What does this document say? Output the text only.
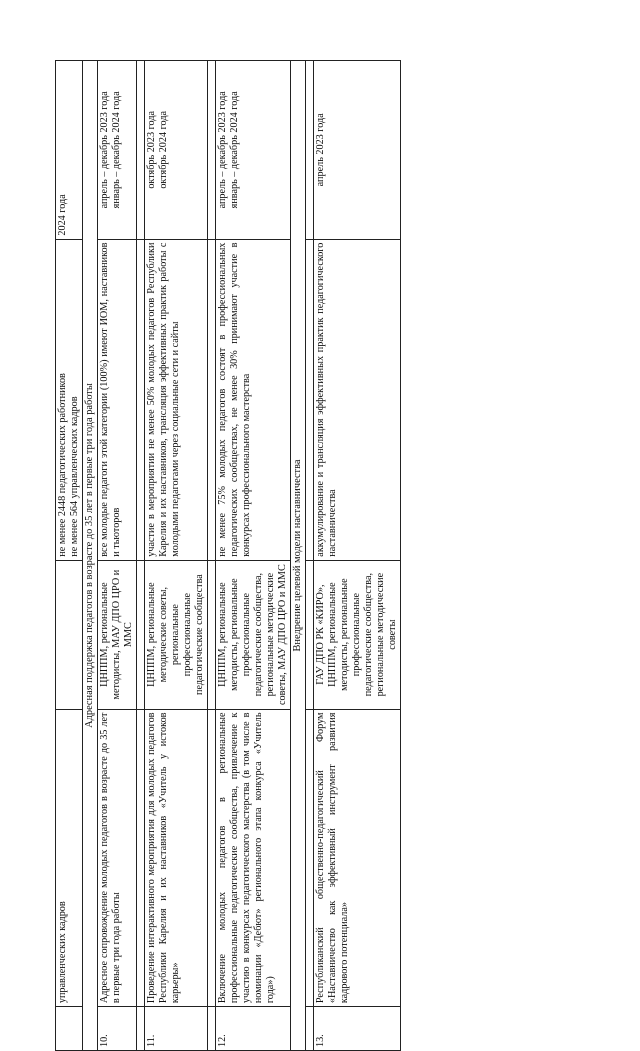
	управленческих кадров		не менее 2448 педагогических работников не менее 564 управленческих кадров	2024 года
Адресная поддержка педагогов в возрасте до 35 лет в первые три года работы				
10.	Адресное сопровождение молодых педагогов в возрасте до 35 лет в первые три года работы	ЦНППМ, региональные методисты, МАУ ДПО ЦРО и ММС	все молодые педагоги этой категории (100%) имеют ИОМ, наставников и тьюторов	апрель – декабрь 2023 года январь – декабрь 2024 года

11.	Проведение интерактивного мероприятия для молодых педагогов Республики Карелия и их наставников «Учитель у истоков карьеры»	ЦНППМ, региональные методические советы, региональные профессиональные педагогические сообщества	участие в мероприятии не менее 50% молодых педагогов Республики Карелия и их наставников, трансляция эффективных практик работы с молодыми педагогами через социальные сети и сайты	октябрь 2023 года октябрь 2024 года

12.	Включение молодых педагогов в региональные профессиональные педагогические сообщества, привлечение к участию в конкурсах педагогического мастерства (в том числе в номинации «Дебют» регионального этапа конкурса «Учитель года»)	ЦНППМ, региональные методисты, региональные профессиональные педагогические сообщества, региональные методические советы, МАУ ДПО ЦРО и ММС	не менее 75% молодых педагогов состоят в профессиональных педагогических сообществах, не менее 30% принимают участие в конкурсах профессионального мастерства	апрель – декабрь 2023 года январь – декабрь 2024 года

Внедрение целевой модели наставничества				

13.	Республиканский общественно-педагогический Форум «Наставничество как эффективный инструмент развития кадрового потенциала»	ГАУ ДПО РК «КИРО», ЦНППМ, региональные методисты, региональные профессиональные педагогические сообщества, региональные методические советы	аккумулирование и трансляция эффективных практик педагогического наставничества	апрель 2023 года
